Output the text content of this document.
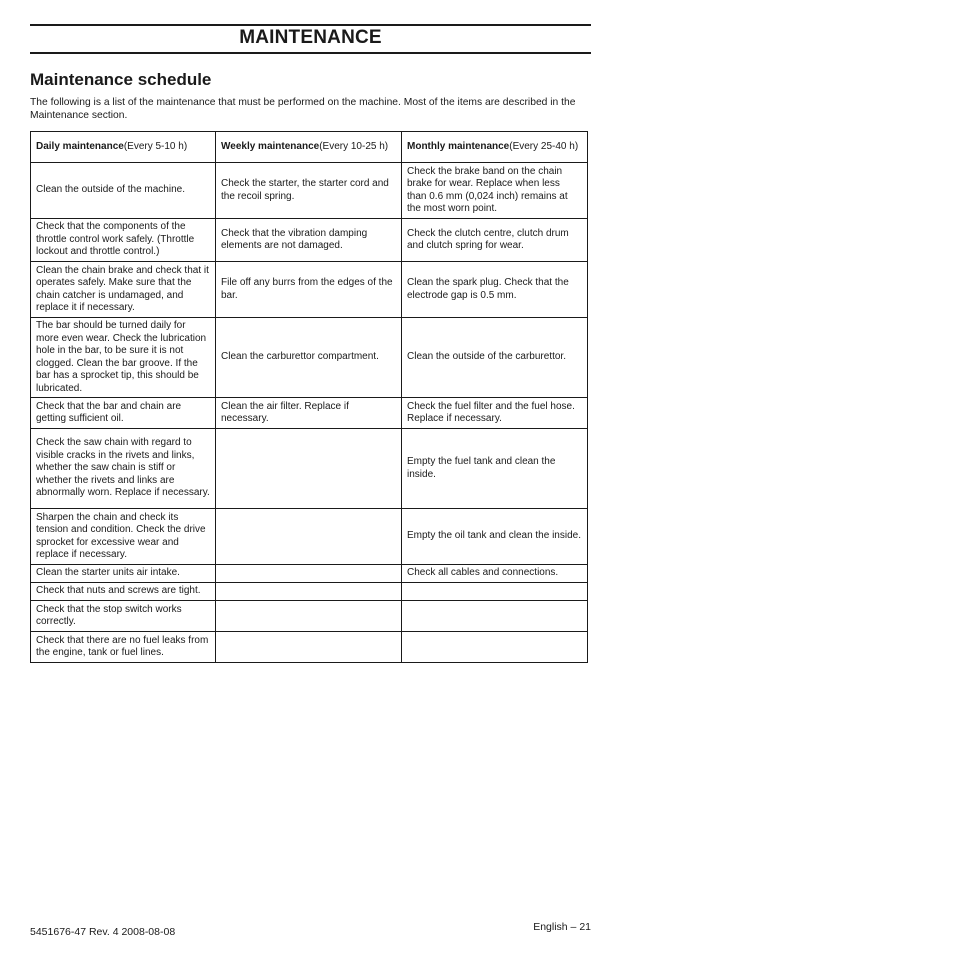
MAINTENANCE
Maintenance schedule

The following is a list of the maintenance that must be performed on the machine. Most of the items are described in the Maintenance section.

Daily maintenance(Every 5-10 h)	Weekly maintenance(Every 10-25 h)	Monthly maintenance(Every 25-40 h)
Clean the outside of the machine.	Check the starter, the starter cord and the recoil spring.	Check the brake band on the chain brake for wear. Replace when less than 0.6 mm (0,024 inch) remains at the most worn point.
Check that the components of the throttle control work safely. (Throttle lockout and throttle control.)	Check that the vibration damping elements are not damaged.	Check the clutch centre, clutch drum and clutch spring for wear.
Clean the chain brake and check that it operates safely. Make sure that the chain catcher is undamaged, and replace it if necessary.	File off any burrs from the edges of the bar.	Clean the spark plug. Check that the electrode gap is 0.5 mm.
The bar should be turned daily for more even wear. Check the lubrication hole in the bar, to be sure it is not clogged. Clean the bar groove. If the bar has a sprocket tip, this should be lubricated.	Clean the carburettor compartment.	Clean the outside of the carburettor.
Check that the bar and chain are getting sufficient oil.	Clean the air filter. Replace if necessary.	Check the fuel filter and the fuel hose. Replace if necessary.
Check the saw chain with regard to visible cracks in the rivets and links, whether the saw chain is stiff or whether the rivets and links are abnormally worn. Replace if necessary.		Empty the fuel tank and clean the inside.
Sharpen the chain and check its tension and condition. Check the drive sprocket for excessive wear and replace if necessary.		Empty the oil tank and clean the inside.
Clean the starter units air intake.		Check all cables and connections.
Check that nuts and screws are tight.		
Check that the stop switch works correctly.		
Check that there are no fuel leaks from the engine, tank or fuel lines.		
5451676-47 Rev. 4 2008-08-08	English – 21
